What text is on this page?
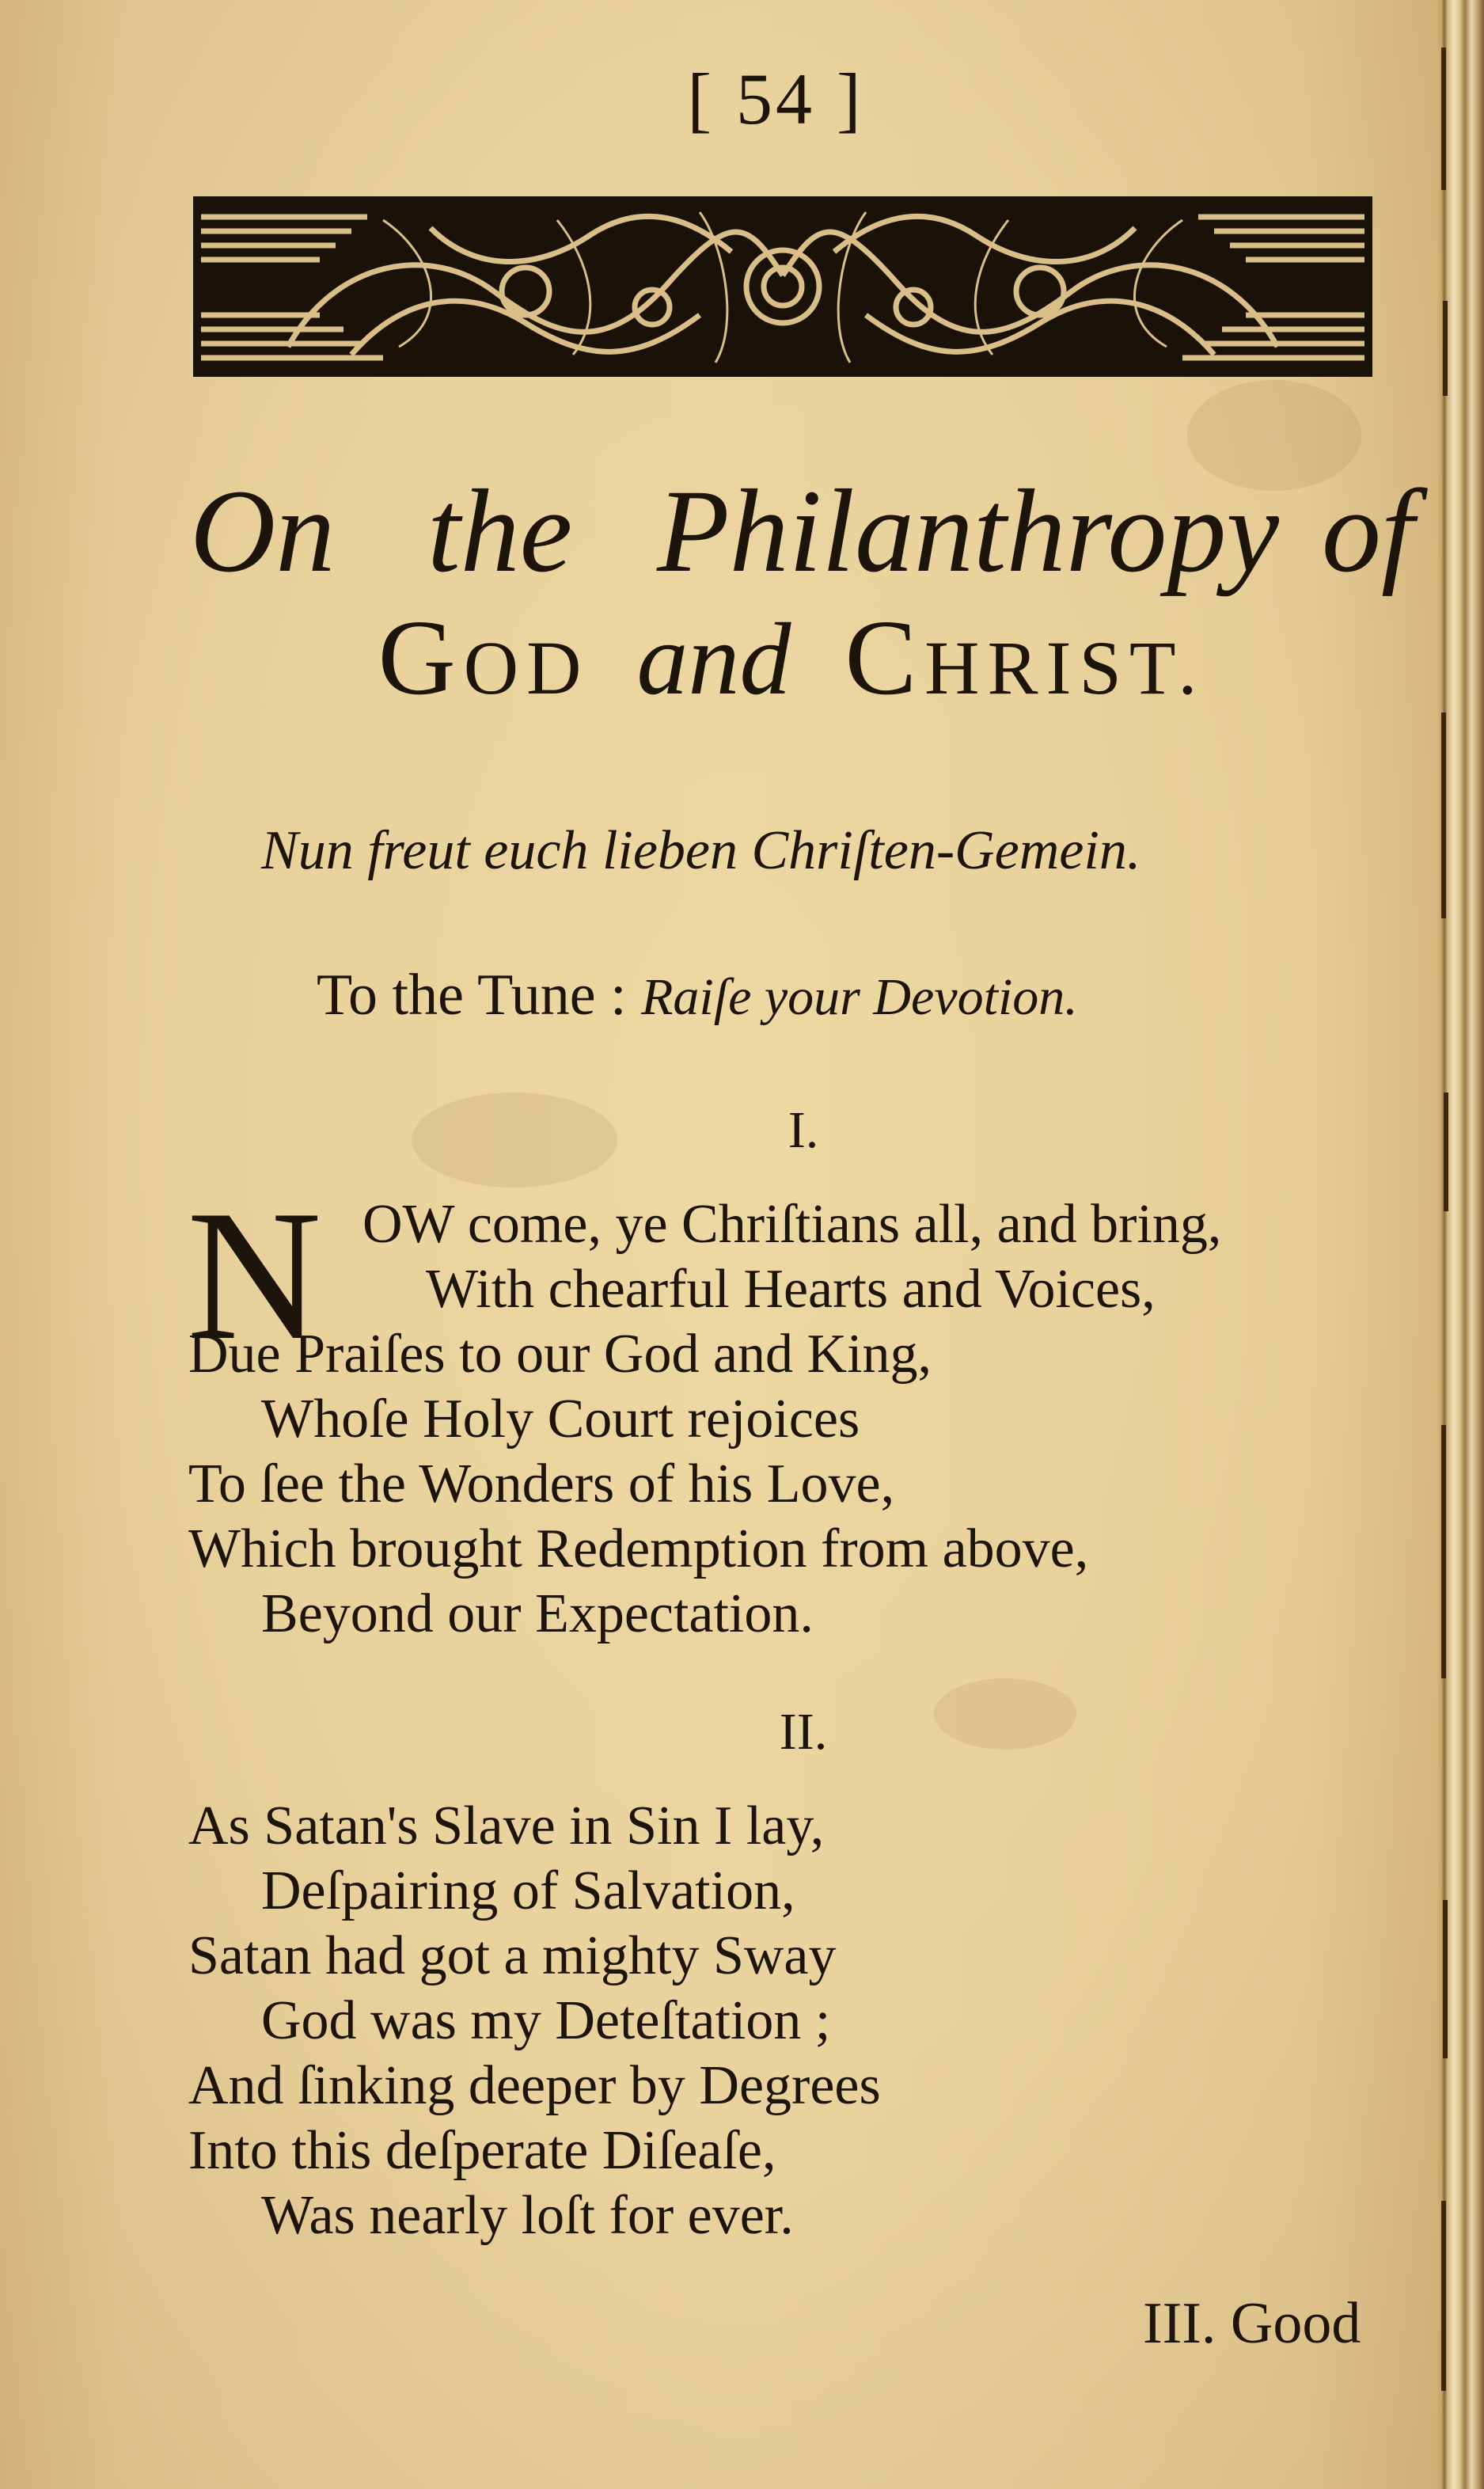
[ 54 ]
On the Philanthropy of
GOD and CHRIST.
Nun freut euch lieben Chriſten-Gemein.
To the Tune : Raiſe your Devotion.
I.
N OW come, ye Chriſtians all, and bring,
With chearful Hearts and Voices,
Due Praiſes to our God and King,
Whoſe Holy Court rejoices
To ſee the Wonders of his Love,
Which brought Redemption from above,
Beyond our Expectation.
II.
As Satan's Slave in Sin I lay,
Deſpairing of Salvation,
Satan had got a mighty Sway
God was my Deteſtation ;
And ſinking deeper by Degrees
Into this deſperate Diſeaſe,
Was nearly loſt for ever.
III. Good
